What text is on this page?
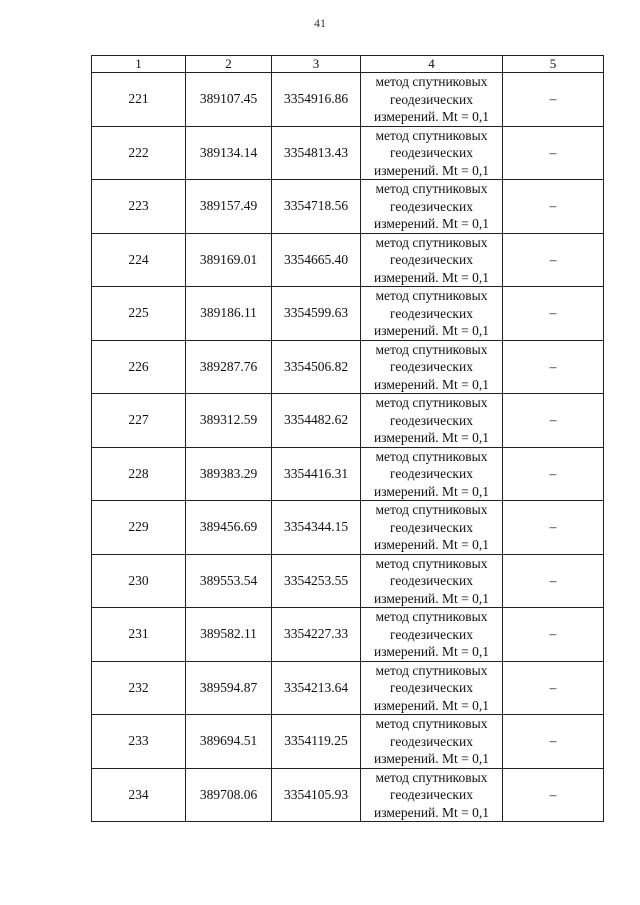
41
1	2	3	4	5
221	389107.45	3354916.86	метод спутниковых
геодезических
измерений. Mt = 0,1	–
222	389134.14	3354813.43	метод спутниковых
геодезических
измерений. Mt = 0,1	–
223	389157.49	3354718.56	метод спутниковых
геодезических
измерений. Mt = 0,1	–
224	389169.01	3354665.40	метод спутниковых
геодезических
измерений. Mt = 0,1	–
225	389186.11	3354599.63	метод спутниковых
геодезических
измерений. Mt = 0,1	–
226	389287.76	3354506.82	метод спутниковых
геодезических
измерений. Mt = 0,1	–
227	389312.59	3354482.62	метод спутниковых
геодезических
измерений. Mt = 0,1	–
228	389383.29	3354416.31	метод спутниковых
геодезических
измерений. Mt = 0,1	–
229	389456.69	3354344.15	метод спутниковых
геодезических
измерений. Mt = 0,1	–
230	389553.54	3354253.55	метод спутниковых
геодезических
измерений. Mt = 0,1	–
231	389582.11	3354227.33	метод спутниковых
геодезических
измерений. Mt = 0,1	–
232	389594.87	3354213.64	метод спутниковых
геодезических
измерений. Mt = 0,1	–
233	389694.51	3354119.25	метод спутниковых
геодезических
измерений. Mt = 0,1	–
234	389708.06	3354105.93	метод спутниковых
геодезических
измерений. Mt = 0,1	–
